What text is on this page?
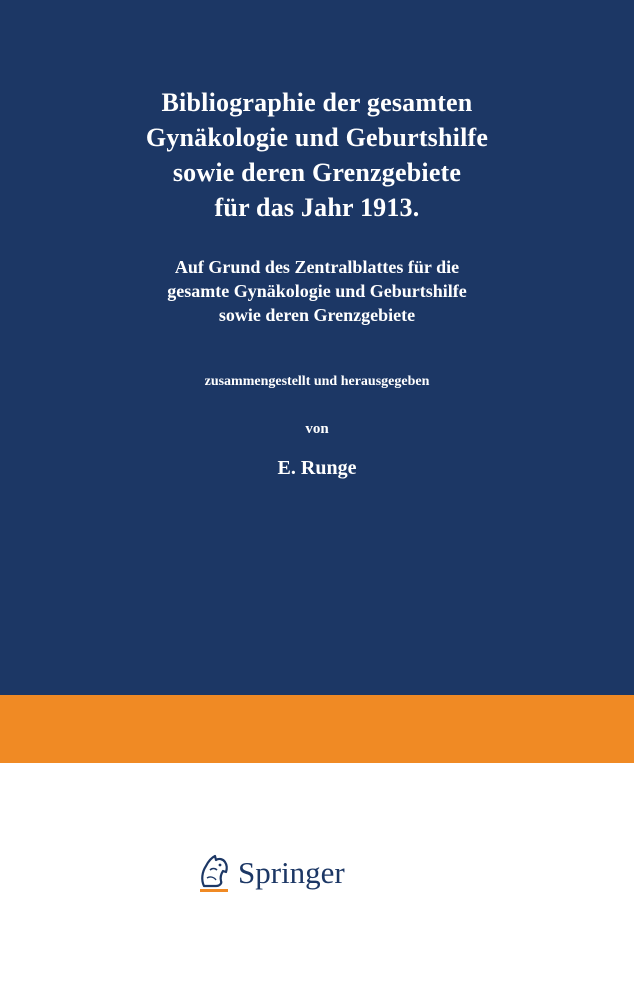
Bibliographie der gesamten
Gynäkologie und Geburtshilfe
sowie deren Grenzgebiete
für das Jahr 1913.

Auf Grund des Zentralblattes für die
gesamte Gynäkologie und Geburtshilfe
sowie deren Grenzgebiete

zusammengestellt und herausgegeben

von

E. Runge

Springer
